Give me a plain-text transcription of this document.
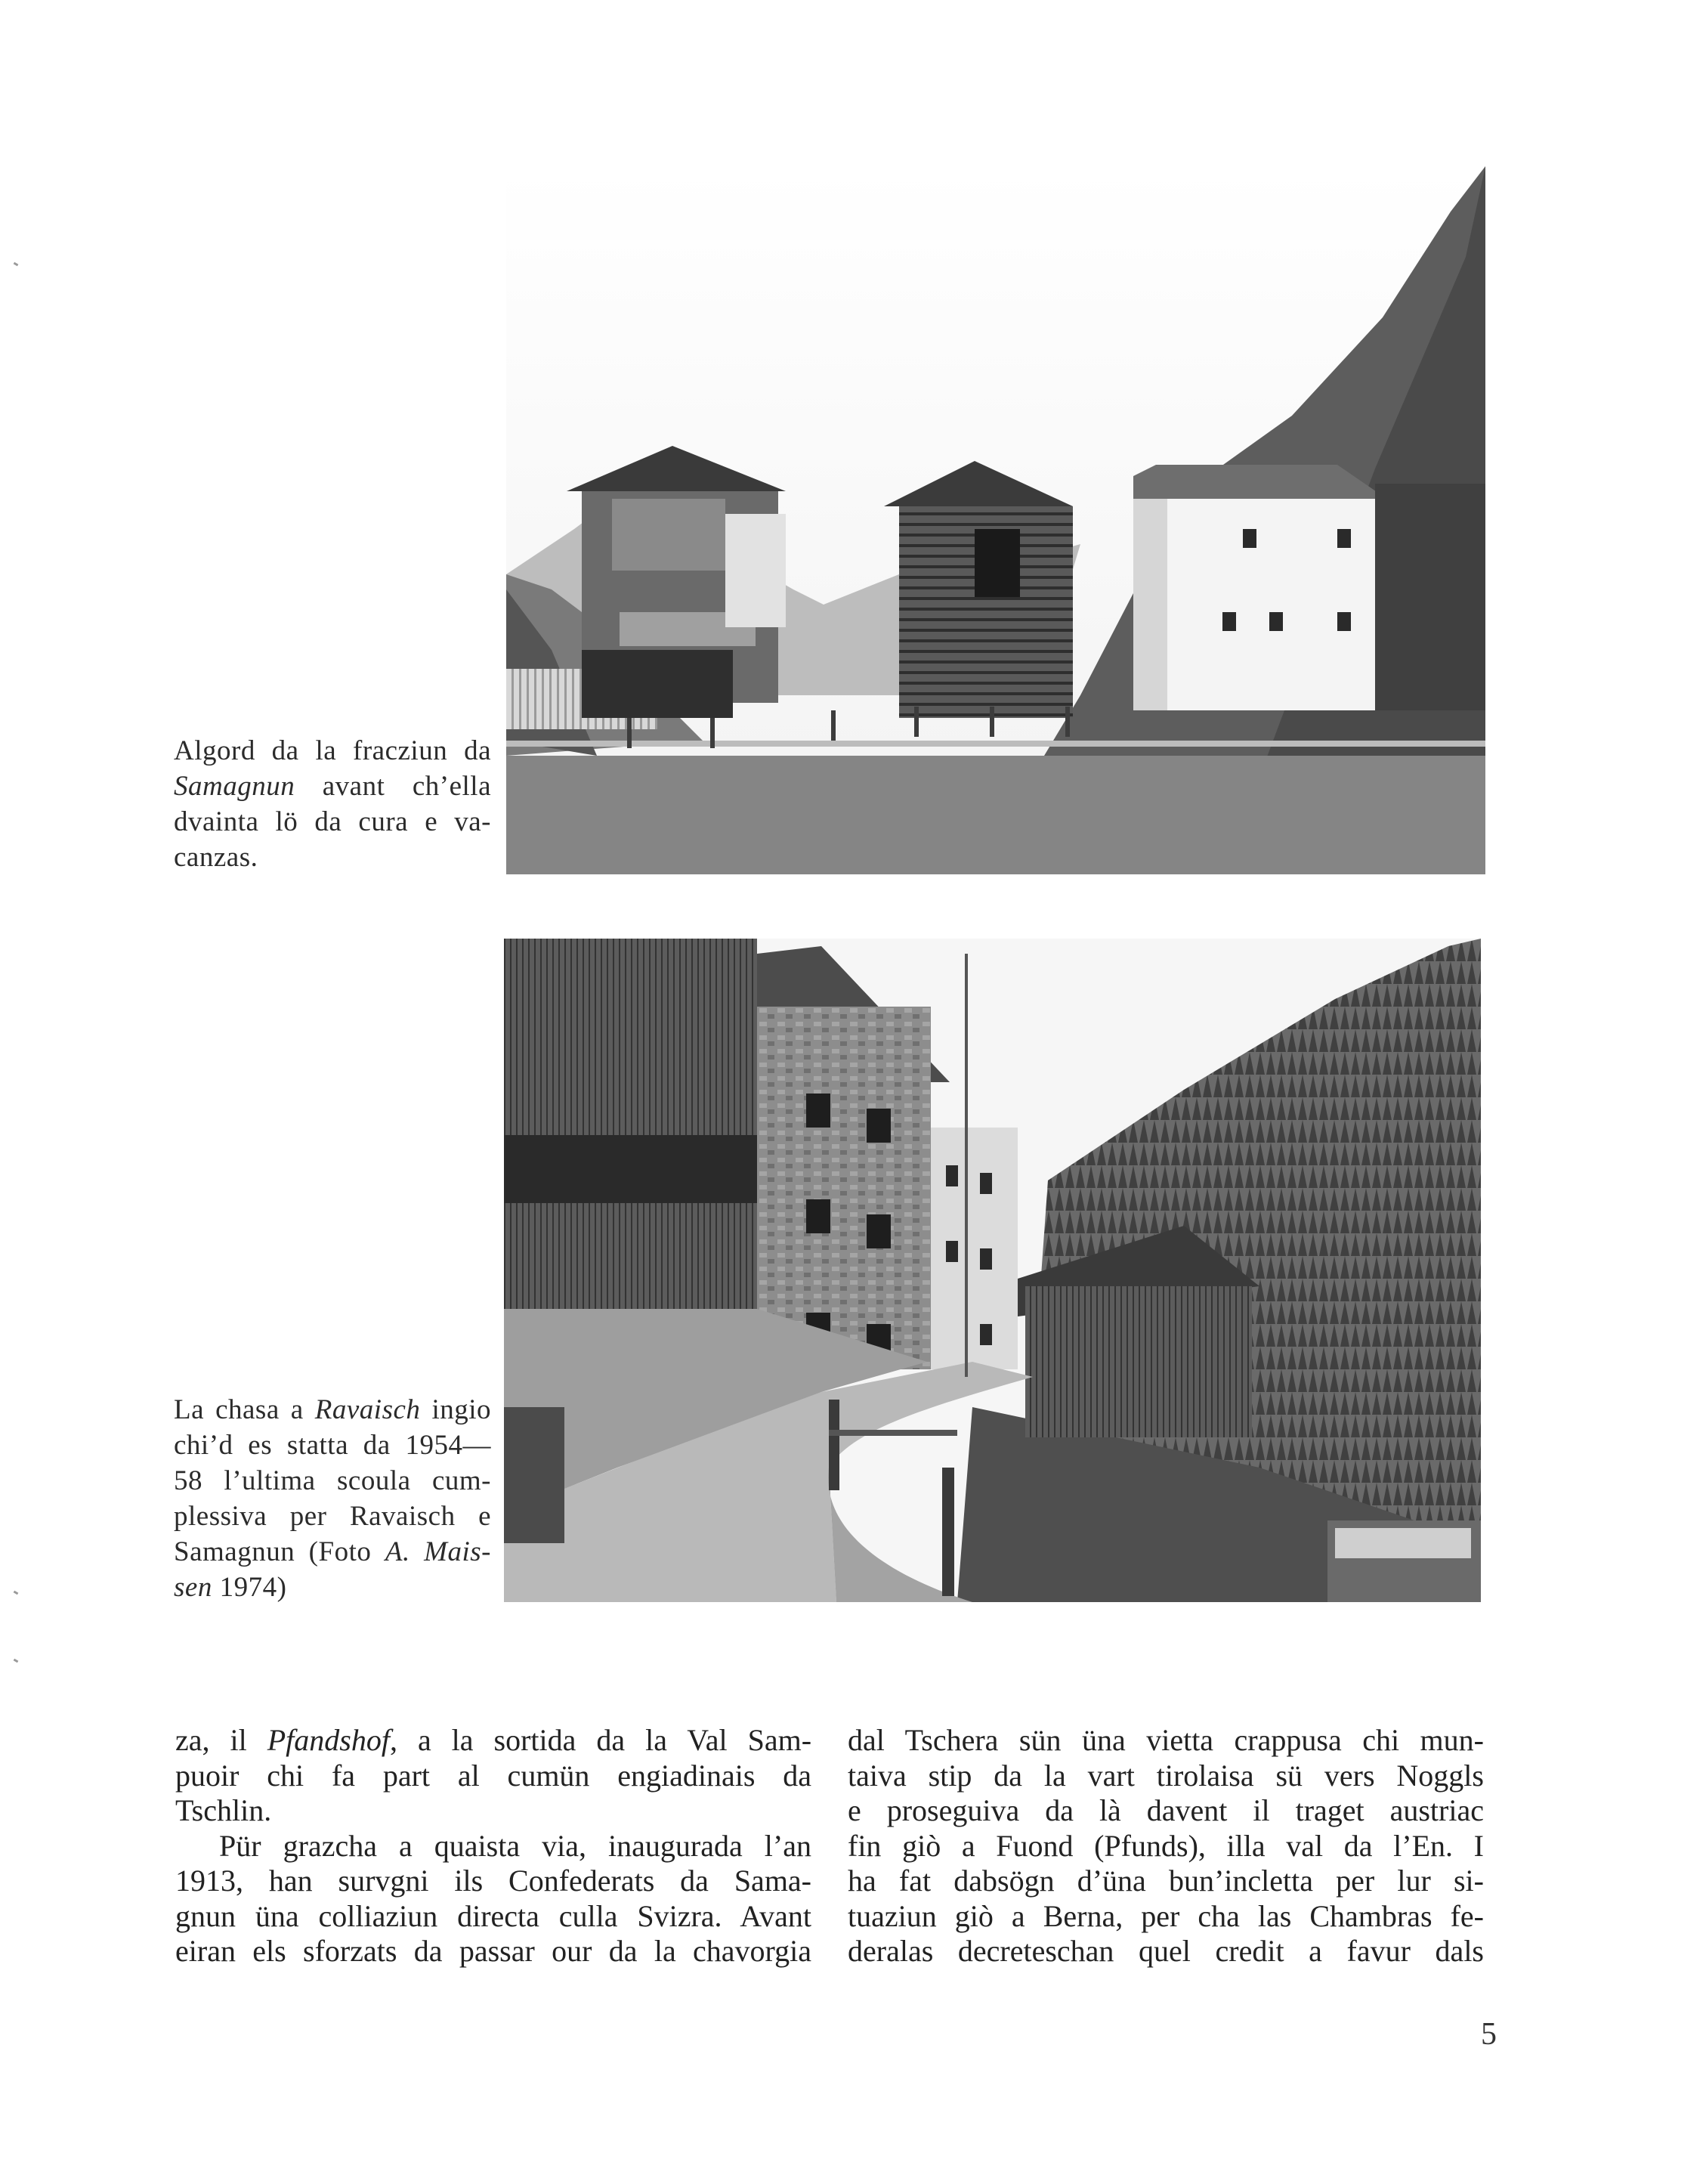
Algord da la fracziun da
Samagnun avant ch’ella
dvainta lö da cura e va-
canzas.
La chasa a Ravaisch ingio
chi’d es statta da 1954—
58 l’ultima scoula cum-
plessiva per Ravaisch e
Samagnun (Foto A. Mais-
sen 1974)
za, il Pfandshof, a la sortida da la Val Sam-
puoir chi fa part al cumün engiadinais da
Tschlin.
Pür grazcha a quaista via, inaugurada l’an
1913, han survgni ils Confederats da Sama-
gnun üna colliaziun directa culla Svizra. Avant
eiran els sforzats da passar our da la chavorgia
dal Tschera sün üna vietta crappusa chi mun-
taiva stip da la vart tirolaisa sü vers Noggls
e proseguiva da là davent il traget austriac
fin giò a Fuond (Pfunds), illa val da l’En. I
ha fat dabsögn d’üna bun’incletta per lur si-
tuaziun giò a Berna, per cha las Chambras fe-
deralas decreteschan quel credit a favur dals
5
